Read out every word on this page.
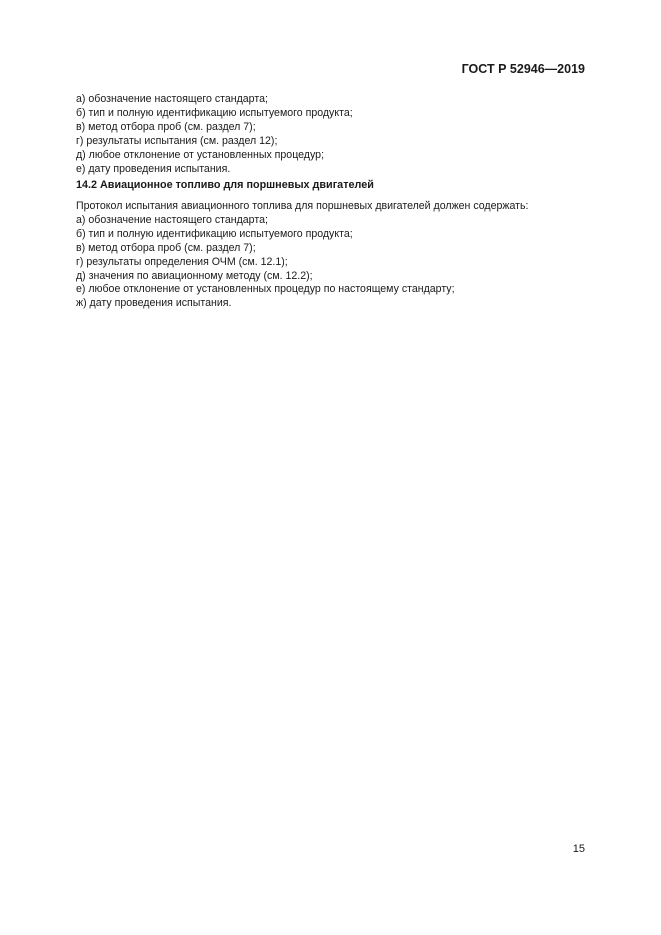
ГОСТ Р 52946—2019
а) обозначение настоящего стандарта;
б) тип и полную идентификацию испытуемого продукта;
в) метод отбора проб (см. раздел 7);
г) результаты испытания (см. раздел 12);
д) любое отклонение от установленных процедур;
е) дату проведения испытания.
14.2 Авиационное топливо для поршневых двигателей
Протокол испытания авиационного топлива для поршневых двигателей должен содержать:
а) обозначение настоящего стандарта;
б) тип и полную идентификацию испытуемого продукта;
в) метод отбора проб (см. раздел 7);
г) результаты определения ОЧМ (см. 12.1);
д) значения по авиационному методу (см. 12.2);
е) любое отклонение от установленных процедур по настоящему стандарту;
ж) дату проведения испытания.
15
